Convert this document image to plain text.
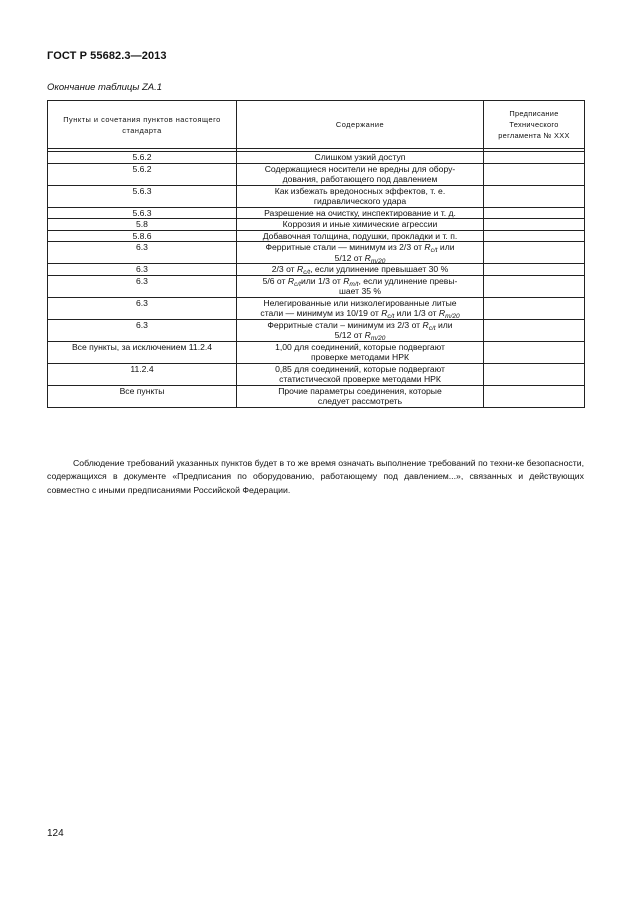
ГОСТ Р 55682.3—2013
Окончание таблицы ZA.1
Пункты и сочетания пунктов настоящего стандарта	Содержание	Предписание Технического регламента № ХХХ

5.6.2	Слишком узкий доступ	
5.6.2	Содержащиеся носители не вредны для обору-
дования, работающего под давлением	
5.6.3	Как избежать вредоносных эффектов, т. е.
гидравлического удара	
5.6.3	Разрешение на очистку, инспектирование и т. д.	
5.8	Коррозия и иные химические агрессии	
5.8.6	Добавочная толщина, подушки, прокладки и т. п.	
6.3	Ферритные стали — минимум из 2/3 от $R_{c/t}$ или
5/12 от $R_{m/20}$	
6.3	2/3 от $R_{c/t}$, если удлинение превышает 30 %	
6.3	5/6 от $R_{c/t}или$ 1/3 от $R_{m/t}$, если удлинение превы-
шает 35 %	
6.3	Нелегированные или низколегированные литые
стали — минимум из 10/19 от $R_{c/t}$ или 1/3 от $R_{m/20}$	
6.3	Ферритные стали – минимум из 2/3 от $R_{c/t}$ или
5/12 от $R_{m/20}$	
Все пункты, за исключением 11.2.4	1,00 для соединений, которые подвергают
проверке методами НРК	
11.2.4	0,85 для соединений, которые подвергают
статистической проверке методами НРК	
Все пункты	Прочие параметры соединения, которые
следует рассмотреть	
Соблюдение требований указанных пунктов будет в то же время означать выполнение требований по техни-ке безопасности, содержащихся в документе «Предписания по оборудованию, работающему под давлением...», связанных и действующих совместно с иными предписаниями Российской Федерации.
124
